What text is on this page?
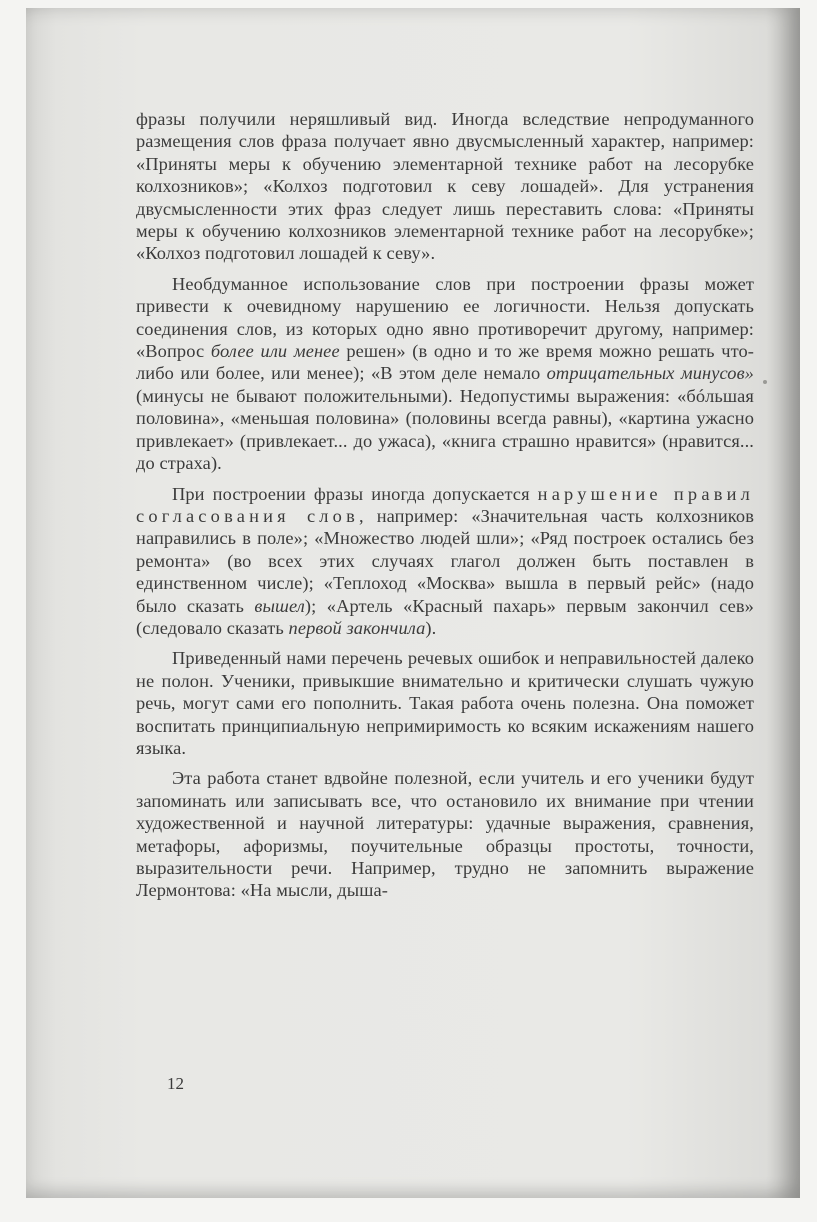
фразы получили неряшливый вид. Иногда вследствие непродуманного размещения слов фраза получает явно двусмысленный характер, например: «Приняты меры к обучению элементарной технике работ на лесорубке колхозников»; «Колхоз подготовил к севу лошадей». Для устранения двусмысленности этих фраз следует лишь переставить слова: «Приняты меры к обучению колхозников элементарной технике работ на лесорубке»; «Колхоз подготовил лошадей к севу».

Необдуманное использование слов при построении фразы может привести к очевидному нарушению ее логичности. Нельзя допускать соединения слов, из которых одно явно противоречит другому, например: «Вопрос более или менее решен» (в одно и то же время можно решать что-либо или более, или менее); «В этом деле немало отрицательных минусов» (минусы не бывают положительными). Недопустимы выражения: «бóльшая половина», «меньшая половина» (половины всегда равны), «картина ужасно привлекает» (привлекает... до ужаса), «книга страшно нравится» (нравится... до страха).

При построении фразы иногда допускается нарушение правил согласования слов, например: «Значительная часть колхозников направились в поле»; «Множество людей шли»; «Ряд построек остались без ремонта» (во всех этих случаях глагол должен быть поставлен в единственном числе); «Теплоход «Москва» вышла в первый рейс» (надо было сказать вышел); «Артель «Красный пахарь» первым закончил сев» (следовало сказать первой закончила).

Приведенный нами перечень речевых ошибок и неправильностей далеко не полон. Ученики, привыкшие внимательно и критически слушать чужую речь, могут сами его пополнить. Такая работа очень полезна. Она поможет воспитать принципиальную непримиримость ко всяким искажениям нашего языка.

Эта работа станет вдвойне полезной, если учитель и его ученики будут запоминать или записывать все, что остановило их внимание при чтении художественной и научной литературы: удачные выражения, сравнения, метафоры, афоризмы, поучительные образцы простоты, точности, выразительности речи. Например, трудно не запомнить выражение Лермонтова: «На мысли, дыша-

12
